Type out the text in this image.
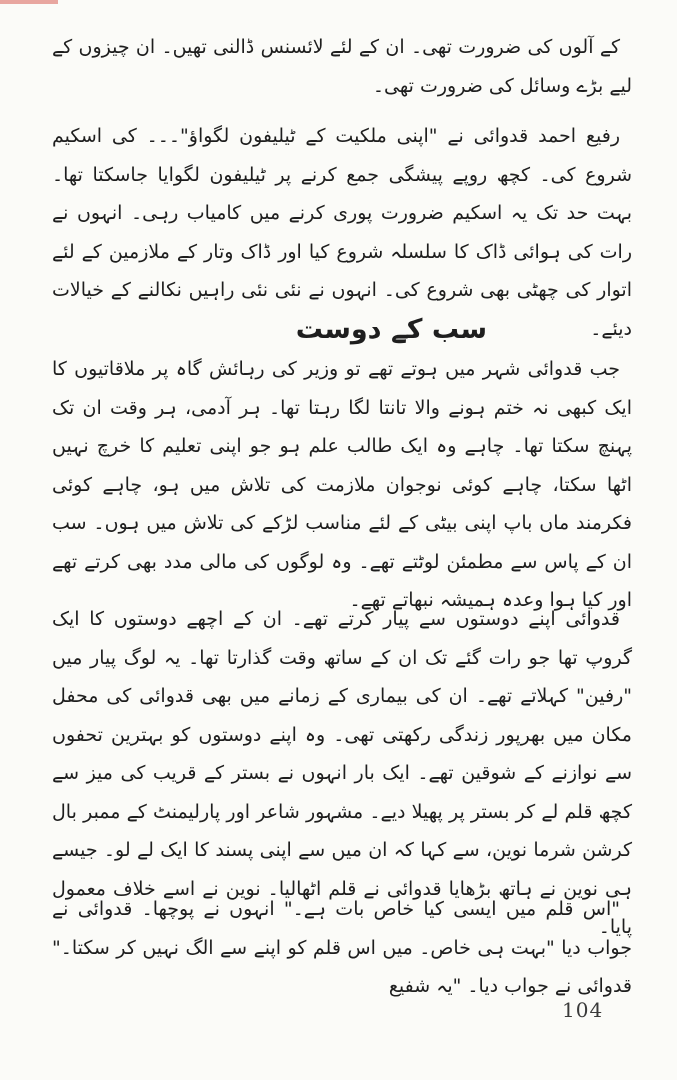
کے آلوں کی ضرورت تھی۔ ان کے لئے لائسنس ڈالنی تھیں۔ ان چیزوں کے لیے بڑے وسائل کی ضرورت تھی۔

رفیع احمد قدوائی نے "اپنی ملکیت کے ٹیلیفون لگواؤ"۔۔۔ کی اسکیم شروع کی۔ کچھ روپے پیشگی جمع کرنے پر ٹیلیفون لگوایا جاسکتا تھا۔ بہت حد تک یہ اسکیم ضرورت پوری کرنے میں کامیاب رہی۔ انہوں نے رات کی ہوائی ڈاک کا سلسلہ شروع کیا اور ڈاک وتار کے ملازمین کے لئے اتوار کی چھٹی بھی شروع کی۔ انہوں نے نئی نئی راہیں نکالنے کے خیالات دیئے۔

سب کے دوست

جب قدوائی شہر میں ہوتے تھے تو وزیر کی رہائش گاہ پر ملاقاتیوں کا ایک کبھی نہ ختم ہونے والا تانتا لگا رہتا تھا۔ ہر آدمی، ہر وقت ان تک پہنچ سکتا تھا۔ چاہے وہ ایک طالب علم ہو جو اپنی تعلیم کا خرچ نہیں اٹھا سکتا، چاہے کوئی نوجوان ملازمت کی تلاش میں ہو، چاہے کوئی فکرمند ماں باپ اپنی بیٹی کے لئے مناسب لڑکے کی تلاش میں ہوں۔ سب ان کے پاس سے مطمئن لوٹتے تھے۔ وہ لوگوں کی مالی مدد بھی کرتے تھے اور کیا ہوا وعدہ ہمیشہ نبھاتے تھے۔

قدوائی اپنے دوستوں سے پیار کرتے تھے۔ ان کے اچھے دوستوں کا ایک گروپ تھا جو رات گئے تک ان کے ساتھ وقت گذارتا تھا۔ یہ لوگ پیار میں "رفین" کہلاتے تھے۔ ان کی بیماری کے زمانے میں بھی قدوائی کی محفل مکان میں بھرپور زندگی رکھتی تھی۔ وہ اپنے دوستوں کو بہترین تحفوں سے نوازنے کے شوقین تھے۔ ایک بار انہوں نے بستر کے قریب کی میز سے کچھ قلم لے کر بستر پر پھیلا دیے۔ مشہور شاعر اور پارلیمنٹ کے ممبر بال کرشن شرما نوین، سے کہا کہ ان میں سے اپنی پسند کا ایک لے لو۔ جیسے ہی نوین نے ہاتھ بڑھایا قدوائی نے قلم اٹھالیا۔ نوین نے اسے خلاف معمول پایا۔

"اس قلم میں ایسی کیا خاص بات ہے۔" انہوں نے پوچھا۔ قدوائی نے جواب دیا "بہت ہی خاص۔ میں اس قلم کو اپنے سے الگ نہیں کر سکتا۔" قدوائی نے جواب دیا۔ "یہ شفیع

104
